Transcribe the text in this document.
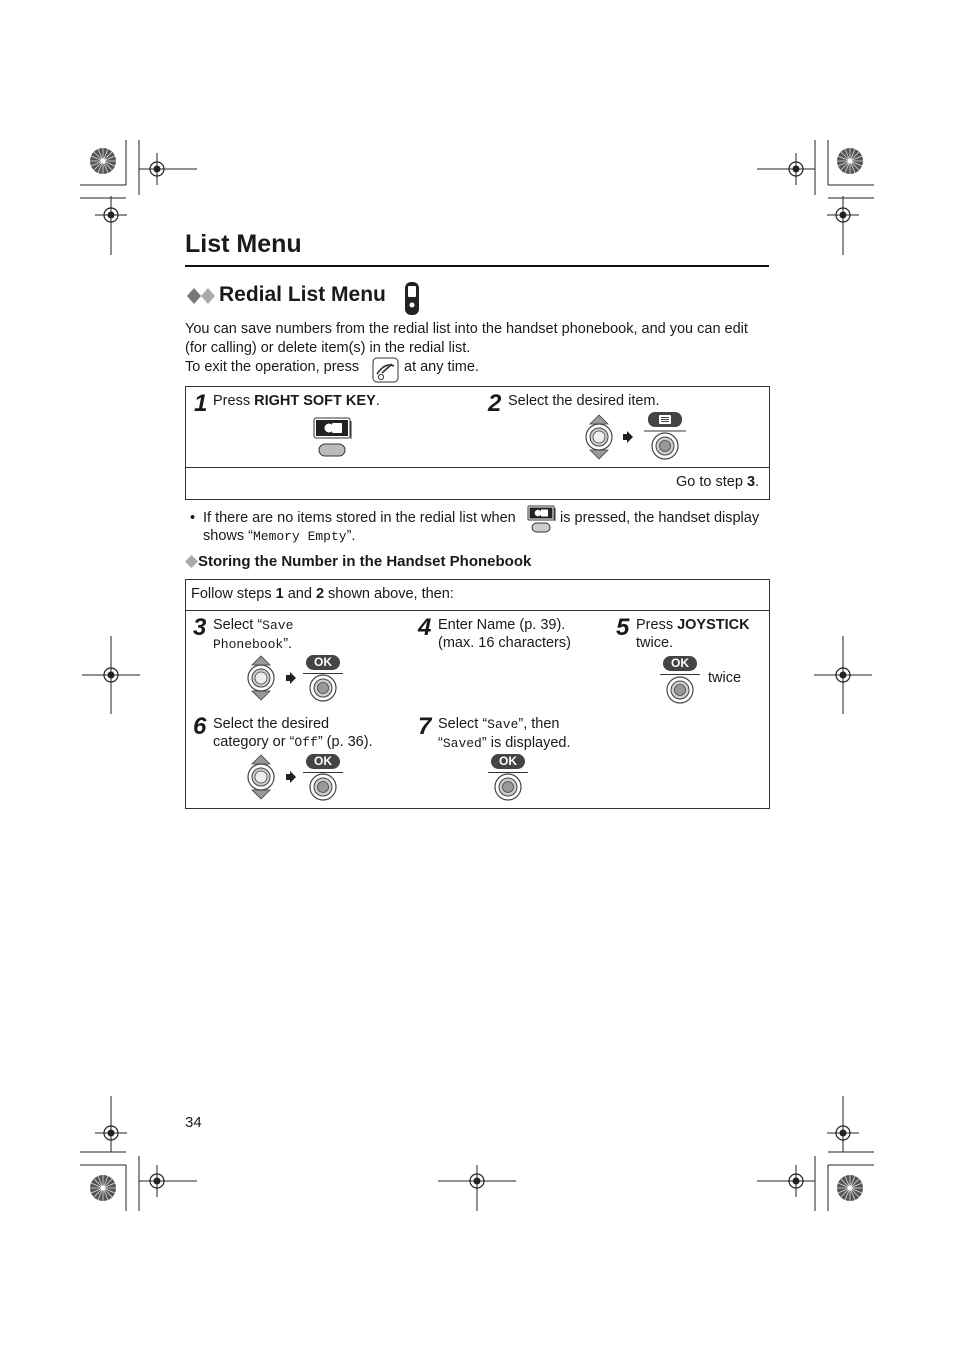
List Menu
Redial List Menu
You can save numbers from the redial list into the handset phonebook, and you can edit
(for calling) or delete item(s) in the redial list.
To exit the operation, press	at any time.
1 Press RIGHT SOFT KEY.	2 Select the desired item.
Go to step 3.
• If there are no items stored in the redial list when	is pressed, the handset display
shows “Memory Empty”.
Storing the Number in the Handset Phonebook
Follow steps 1 and 2 shown above, then:
3 Select “Save
Phonebook”.
OK
4 Enter Name (p. 39).
(max. 16 characters)
5 Press JOYSTICK
twice.
OK
twice
6 Select the desired
category or “Off” (p. 36).
OK
7 Select “Save”, then
“Saved” is displayed.
OK
34
